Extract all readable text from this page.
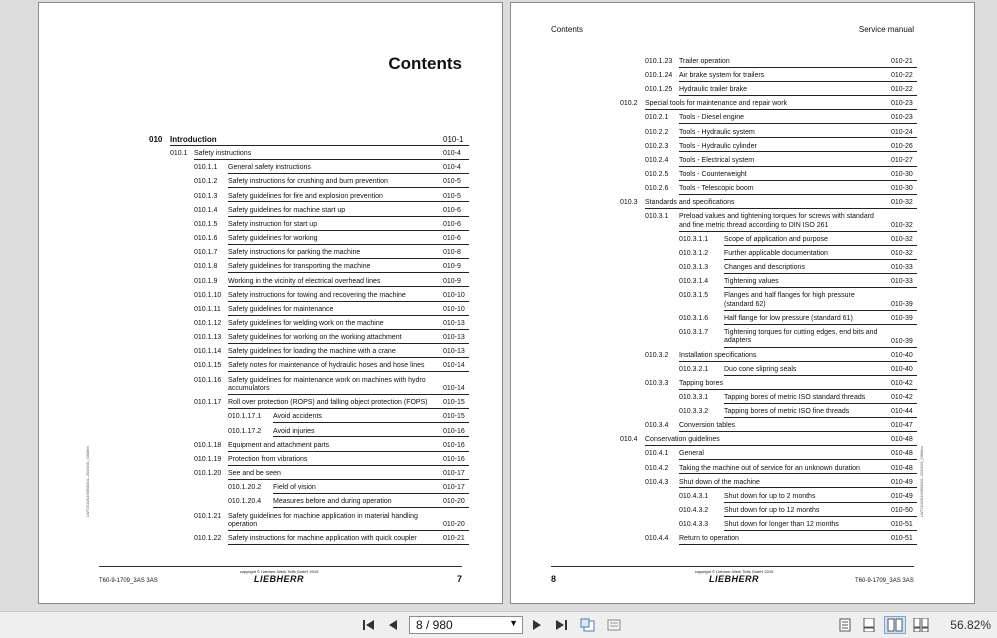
Contents
010 Introduction	010-1
010.1 Safety instructions	010-4
010.1.1 General safety instructions	010-4
010.1.2 Safety instructions for crushing and burn prevention	010-5
010.1.3 Safety guidelines for fire and explosion prevention	010-5
010.1.4 Safety guidelines for machine start up	010-6
010.1.5 Safety instruction for start up	010-6
010.1.6 Safety guidelines for working	010-6
010.1.7 Safety instructions for parking the machine	010-8
010.1.8 Safety guidelines for transporting the machine	010-9
010.1.9 Working in the vicinity of electrical overhead lines	010-9
010.1.10 Safety instructions for towing and recovering the machine	010-10
010.1.11 Safety guidelines for maintenance	010-10
010.1.12 Safety guidelines for welding work on the machine	010-13
010.1.13 Safety guidelines for working on the working attachment	010-13
010.1.14 Safety guidelines for loading the machine with a crane	010-13
010.1.15 Safety notes for maintenance of hydraulic hoses and hose lines	010-14
010.1.16 Safety guidelines for maintenance work on machines with hydro accumulators	010-14
010.1.17 Roll over protection (ROPS) and falling object protection (FOPS)	010-15
010.1.17.1 Avoid accidents	010-15
010.1.17.2 Avoid injuries	010-16
010.1.18 Equipment and attachment parts	010-16
010.1.19 Protection from vibrations	010-16
010.1.20 See and be seen	010-17
010.1.20.2 Field of vision	010-17
010.1.20.4 Measures before and during operation	010-20
010.1.21 Safety guidelines for machine application in material handling operation	010-20
010.1.22 Safety instructions for machine application with quick coupler	010-21
LWT/10/20190508/10--2019/10_0308en
T60-9-1709_3AS 3AS
copyright © Liebherr-Werk Telfs GmbH 2019
LIEBHERR	7
Contents	Service manual
010.1.23 Trailer operation	010-21
010.1.24 Air brake system for trailers	010-22
010.1.25 Hydraulic trailer brake	010-22
010.2 Special tools for maintenance and repair work	010-23
010.2.1 Tools - Diesel engine	010-23
010.2.2 Tools - Hydraulic system	010-24
010.2.3 Tools - Hydraulic cylinder	010-26
010.2.4 Tools - Electrical system	010-27
010.2.5 Tools - Counterweight	010-30
010.2.6 Tools - Telescopic boom	010-30
010.3 Standards and specifications	010-32
010.3.1 Preload values and tightening torques for screws with standard and fine metric thread according to DIN ISO 261	010-32
010.3.1.1 Scope of application and purpose	010-32
010.3.1.2 Further applicable documentation	010-32
010.3.1.3 Changes and descriptions	010-33
010.3.1.4 Tightening values	010-33
010.3.1.5 Flanges and half flanges for high pressure (standard 62)	010-39
010.3.1.6 Half flange for low pressure (standard 61)	010-39
010.3.1.7 Tightening torques for cutting edges, end bits and adapters	010-39
010.3.2 Installation specifications	010-40
010.3.2.1 Duo cone slipring seals	010-40
010.3.3 Tapping bores	010-42
010.3.3.1 Tapping bores of metric ISO standard threads	010-42
010.3.3.2 Tapping bores of metric ISO fine threads	010-44
010.3.4 Conversion tables	010-47
010.4 Conservation guidelines	010-48
010.4.1 General	010-48
010.4.2 Taking the machine out of service for an unknown duration	010-48
010.4.3 Shut down of the machine	010-49
010.4.3.1 Shut down for up to 2 months	010-49
010.4.3.2 Shut down for up to 12 months	010-50
010.4.3.3 Shut down for longer than 12 months	010-51
010.4.4 Return to operation	010-51
LWT/10/20190508/10--2019/10_0308en
8
copyright © Liebherr-Werk Telfs GmbH 2019
LIEBHERR	T60-9-1709_3AS 3AS
8 / 980	▼	56.82%
